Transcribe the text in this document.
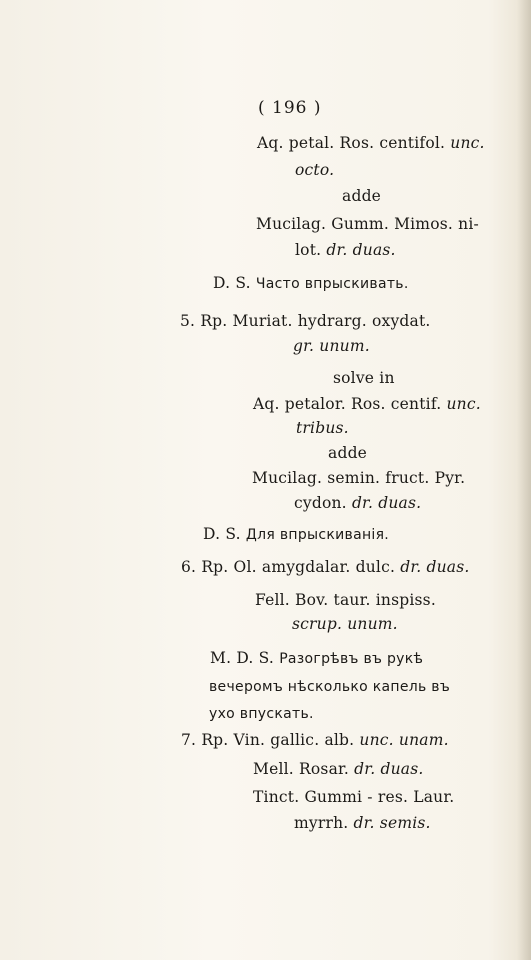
( 196 )
Aq. petal. Ros. centifol. unc.
octo.
adde
Mucilag. Gumm. Mimos. ni-
lot. dr. duas.
D. S. Часто впрыскивать.
5. Rp. Muriat. hydrarg. oxydat.
gr. unum.
solve in
Aq. petalor. Ros. centif. unc.
tribus.
adde
Mucilag. semin. fruct. Pyr.
cydon. dr. duas.
D. S. Для впрыскиванія.
6. Rp. Ol. amygdalar. dulc. dr. duas.
Fell. Bov. taur. inspiss.
scrup. unum.
M. D. S. Разогрѣвъ въ рукѣ
вечеромъ нѣсколько капель въ
ухо впускать.
7. Rp. Vin. gallic. alb. unc. unam.
Mell. Rosar. dr. duas.
Tinct. Gummi - res. Laur.
myrrh. dr. semis.
